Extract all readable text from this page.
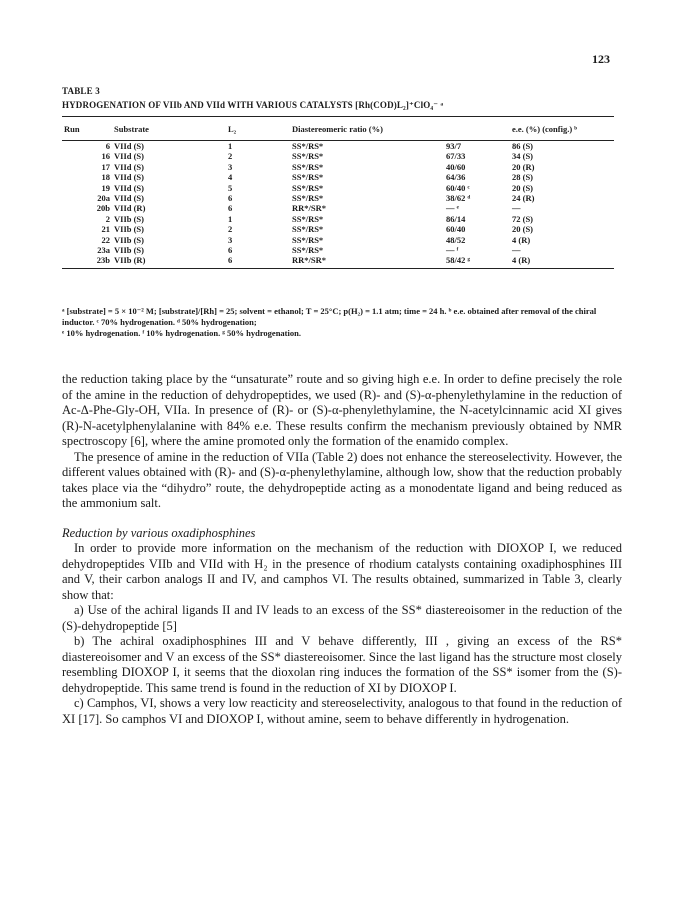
123
TABLE 3
HYDROGENATION OF VIIb AND VIId WITH VARIOUS CATALYSTS [Rh(COD)L₂]⁺ClO₄⁻ ᵃ
Run	Substrate	L₂	Diastereomeric ratio (%)		e.e. (%) (config.) ᵇ
6	VIId (S)	1	SS*/RS*	93/7	86 (S)
16	VIId (S)	2	SS*/RS*	67/33	34 (S)
17	VIId (S)	3	SS*/RS*	40/60	20 (R)
18	VIId (S)	4	SS*/RS*	64/36	28 (S)
19	VIId (S)	5	SS*/RS*	60/40 ᶜ	20 (S)
20a	VIId (S)	6	SS*/RS*	38/62 ᵈ	24 (R)
20b	VIId (R)	6	RR*/SR*	— ᵉ	—
2	VIIb (S)	1	SS*/RS*	86/14	72 (S)
21	VIIb (S)	2	SS*/RS*	60/40	20 (S)
22	VIIb (S)	3	SS*/RS*	48/52	4 (R)
23a	VIIb (S)	6	SS*/RS*	— ᶠ	—
23b	VIIb (R)	6	RR*/SR*	58/42 ᵍ	4 (R)

ᵃ [substrate] = 5 × 10⁻² M; [substrate]/[Rh] = 25; solvent = ethanol; T = 25°C; p(H₂) = 1.1 atm; time = 24 h. ᵇ e.e. obtained after removal of the chiral inductor. ᶜ 70% hydrogenation. ᵈ 50% hydrogenation;

ᵉ 10% hydrogenation. ᶠ 10% hydrogenation. ᵍ 50% hydrogenation.

the reduction taking place by the “unsaturate” route and so giving high e.e. In order to define precisely the role of the amine in the reduction of dehydropeptides, we used (R)- and (S)-α-phenylethylamine in the reduction of Ac-Δ-Phe-Gly-OH, VIIa. In presence of (R)- or (S)-α-phenylethylamine, the N-acetylcinnamic acid XI gives (R)-N-acetylphenylalanine with 84% e.e. These results confirm the mechanism previously obtained by NMR spectroscopy [6], where the amine promoted only the formation of the enamido complex.

The presence of amine in the reduction of VIIa (Table 2) does not enhance the stereoselectivity. However, the different values obtained with (R)- and (S)-α-phenylethylamine, although low, show that the reduction probably takes place via the “dihydro” route, the dehydropeptide acting as a monodentate ligand and being reduced as the ammonium salt.

Reduction by various oxadiphosphines

In order to provide more information on the mechanism of the reduction with DIOXOP I, we reduced dehydropeptides VIIb and VIId with H₂ in the presence of rhodium catalysts containing oxadiphosphines III and V, their carbon analogs II and IV, and camphos VI. The results obtained, summarized in Table 3, clearly show that:

a) Use of the achiral ligands II and IV leads to an excess of the SS* diastereoisomer in the reduction of the (S)-dehydropeptide [5]

b) The achiral oxadiphosphines III and V behave differently, III , giving an excess of the RS* diastereoisomer and V an excess of the SS* diastereoisomer. Since the last ligand has the structure most closely resembling DIOXOP I, it seems that the dioxolan ring induces the formation of the SS* isomer from the (S)-dehydropeptide. This same trend is found in the reduction of XI by DIOXOP I.

c) Camphos, VI, shows a very low reacticity and stereoselectivity, analogous to that found in the reduction of XI [17]. So camphos VI and DIOXOP I, without amine, seem to behave differently in hydrogenation.
